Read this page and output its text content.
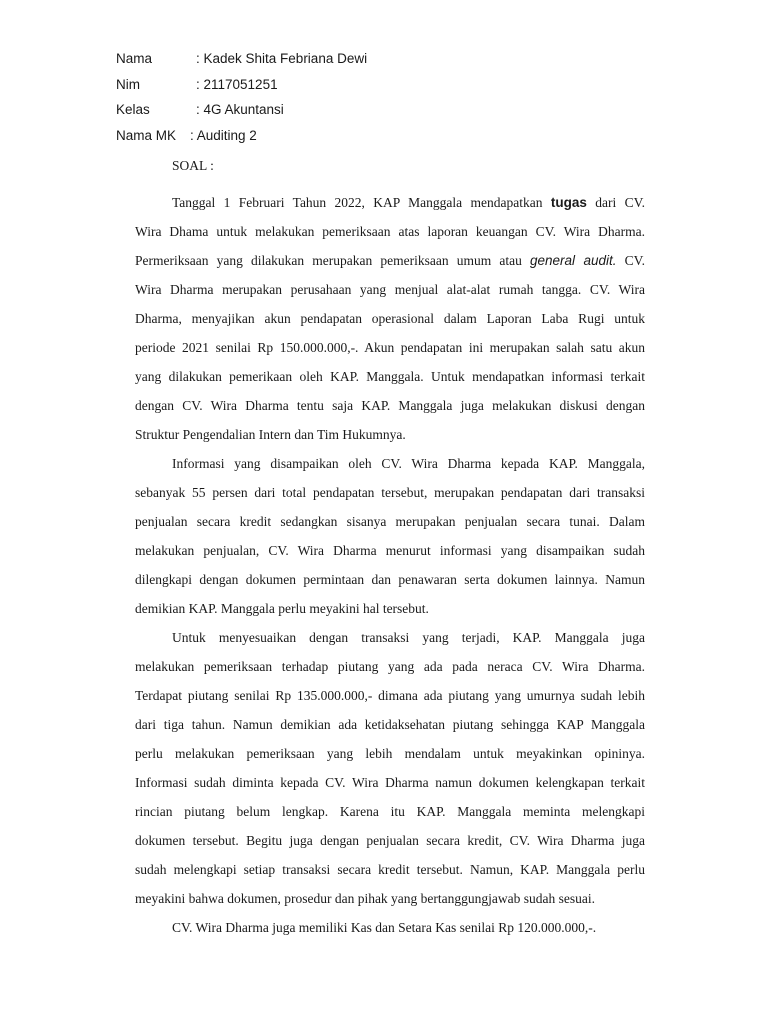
Nama	: Kadek Shita Febriana Dewi
Nim	: 2117051251
Kelas	: 4G Akuntansi
Nama MK : Auditing 2
SOAL :
Tanggal 1 Februari Tahun 2022, KAP Manggala mendapatkan tugas dari CV.
Wira Dhama untuk melakukan pemeriksaan atas laporan keuangan CV. Wira Dharma.
Permeriksaan yang dilakukan merupakan pemeriksaan umum atau general audit. CV.
Wira Dharma merupakan perusahaan yang menjual alat-alat rumah tangga. CV. Wira
Dharma, menyajikan akun pendapatan operasional dalam Laporan Laba Rugi untuk
periode 2021 senilai Rp 150.000.000,-. Akun pendapatan ini merupakan salah satu akun
yang dilakukan pemerikaan oleh KAP. Manggala. Untuk mendapatkan informasi terkait
dengan CV. Wira Dharma tentu saja KAP. Manggala juga melakukan diskusi dengan
Struktur Pengendalian Intern dan Tim Hukumnya.
Informasi yang disampaikan oleh CV. Wira Dharma kepada KAP. Manggala,
sebanyak 55 persen dari total pendapatan tersebut, merupakan pendapatan dari transaksi
penjualan secara kredit sedangkan sisanya merupakan penjualan secara tunai. Dalam
melakukan penjualan, CV. Wira Dharma menurut informasi yang disampaikan sudah
dilengkapi dengan dokumen permintaan dan penawaran serta dokumen lainnya. Namun
demikian KAP. Manggala perlu meyakini hal tersebut.
Untuk menyesuaikan dengan transaksi yang terjadi, KAP. Manggala juga
melakukan pemeriksaan terhadap piutang yang ada pada neraca CV. Wira Dharma.
Terdapat piutang senilai Rp 135.000.000,- dimana ada piutang yang umurnya sudah lebih
dari tiga tahun. Namun demikian ada ketidaksehatan piutang sehingga KAP Manggala
perlu melakukan pemeriksaan yang lebih mendalam untuk meyakinkan opininya.
Informasi sudah diminta kepada CV. Wira Dharma namun dokumen kelengkapan terkait
rincian piutang belum lengkap. Karena itu KAP. Manggala meminta melengkapi
dokumen tersebut. Begitu juga dengan penjualan secara kredit, CV. Wira Dharma juga
sudah melengkapi setiap transaksi secara kredit tersebut. Namun, KAP. Manggala perlu
meyakini bahwa dokumen, prosedur dan pihak yang bertanggungjawab sudah sesuai.
CV. Wira Dharma juga memiliki Kas dan Setara Kas senilai Rp 120.000.000,-.
